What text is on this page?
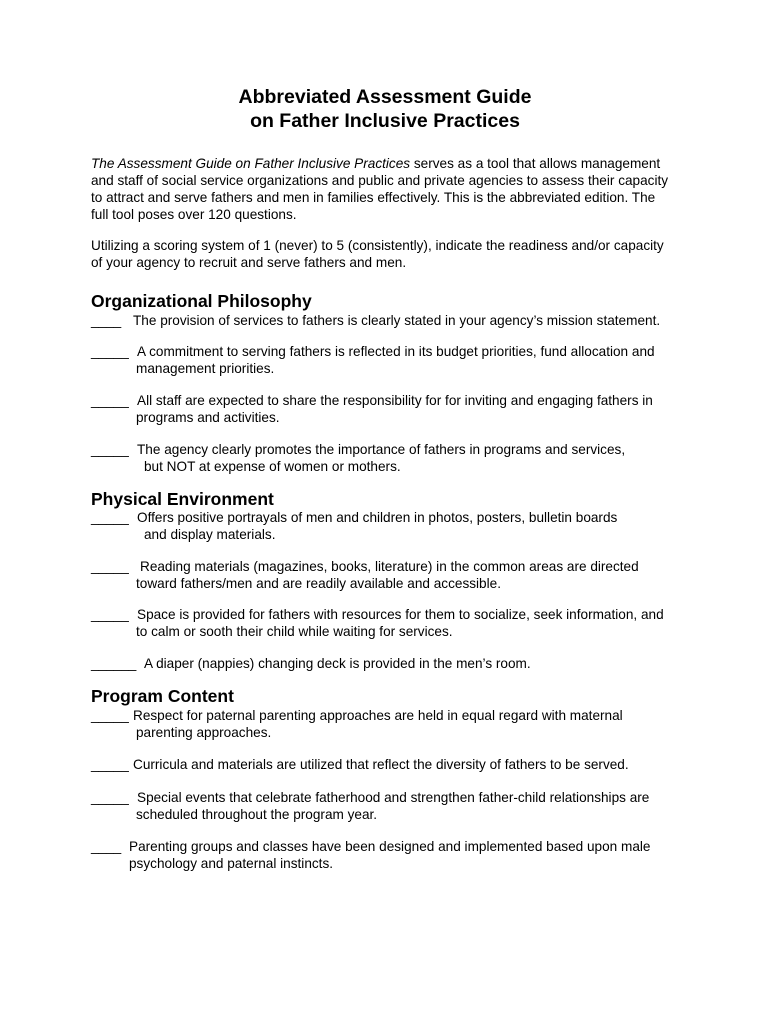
Abbreviated Assessment Guide
on Father Inclusive Practices
The Assessment Guide on Father Inclusive Practices serves as a tool that allows management
and staff of social service organizations and public and private agencies to assess their capacity
to attract and serve fathers and men in families effectively. This is the abbreviated edition. The
full tool poses over 120 questions.
Utilizing a scoring system of 1 (never) to 5 (consistently), indicate the readiness and/or capacity
of your agency to recruit and serve fathers and men.
Organizational Philosophy
____ The provision of services to fathers is clearly stated in your agency’s mission statement.
_____ A commitment to serving fathers is reflected in its budget priorities, fund allocation and
management priorities.
_____ All staff are expected to share the responsibility for for inviting and engaging fathers in
programs and activities.
_____ The agency clearly promotes the importance of fathers in programs and services,
but NOT at expense of women or mothers.
Physical Environment
_____ Offers positive portrayals of men and children in photos, posters, bulletin boards
and display materials.
_____ Reading materials (magazines, books, literature) in the common areas are directed
toward fathers/men and are readily available and accessible.
_____ Space is provided for fathers with resources for them to socialize, seek information, and
to calm or sooth their child while waiting for services.
______ A diaper (nappies) changing deck is provided in the men’s room.
Program Content
_____ Respect for paternal parenting approaches are held in equal regard with maternal
parenting approaches.
_____ Curricula and materials are utilized that reflect the diversity of fathers to be served.
_____ Special events that celebrate fatherhood and strengthen father-child relationships are
scheduled throughout the program year.
____ Parenting groups and classes have been designed and implemented based upon male
psychology and paternal instincts.
